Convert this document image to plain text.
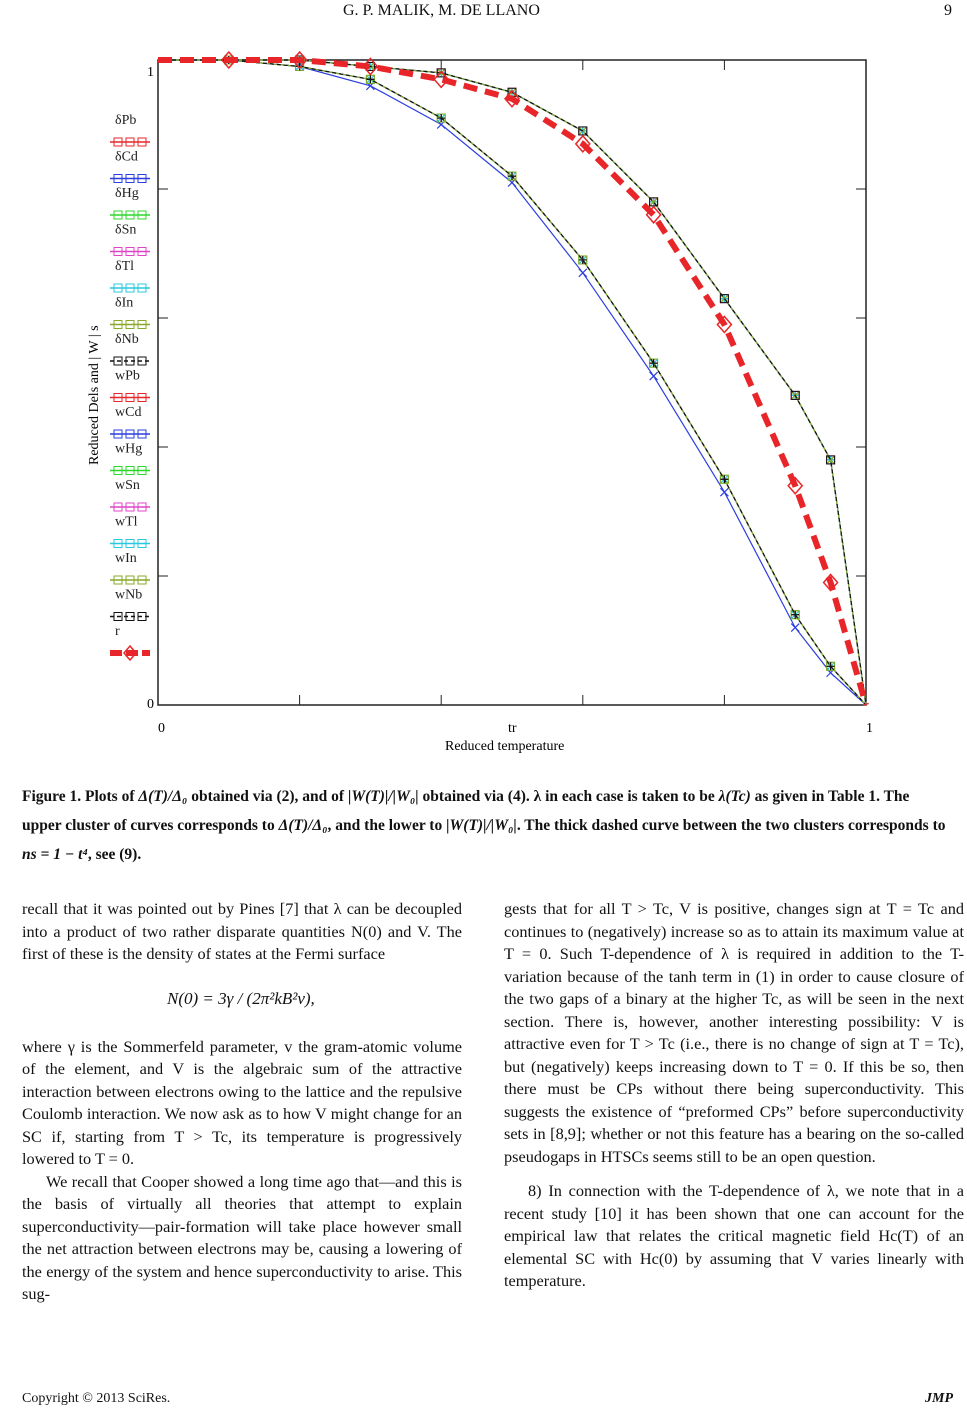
G. P. MALIK, M. DE LLANO	9
δPb
δCd
δHg
δSn
δTl
δIn
δNb
wPb
wCd
wHg
wSn
wTl
wIn
wNb
r
0	1
0
1
tr
Reduced temperature
Reduced Dels and | W | s
Figure 1. Plots of Δ(T)/Δ₀ obtained via (2), and of |W(T)|/|W₀| obtained via (4). λ in each case is taken to be λ(Tc) as given in Table 1. The upper cluster of curves corresponds to Δ(T)/Δ₀, and the lower to |W(T)|/|W₀|. The thick dashed curve between the two clusters corresponds to ns = 1 − t⁴, see (9).

recall that it was pointed out by Pines [7] that λ can be decoupled into a product of two rather disparate quantities N(0) and V. The first of these is the density of states at the Fermi surface

N(0) = 3γ / (2π²kB²v),

where γ is the Sommerfeld parameter, v the gram-atomic volume of the element, and V is the algebraic sum of the attractive interaction between electrons owing to the lattice and the repulsive Coulomb interaction. We now ask as to how V might change for an SC if, starting from T > Tc, its temperature is progressively lowered to T = 0.

We recall that Cooper showed a long time ago that—and this is the basis of virtually all theories that attempt to explain superconductivity—pair-formation will take place however small the net attraction between electrons may be, causing a lowering of the energy of the system and hence superconductivity to arise. This sug-

gests that for all T > Tc, V is positive, changes sign at T = Tc and continues to (negatively) increase so as to attain its maximum value at T = 0. Such T-dependence of λ is required in addition to the T-variation because of the tanh term in (1) in order to cause closure of the two gaps of a binary at the higher Tc, as will be seen in the next section. There is, however, another interesting possibility: V is attractive even for T > Tc (i.e., there is no change of sign at T = Tc), but (negatively) keeps increasing down to T = 0. If this be so, then there must be CPs without there being superconductivity. This suggests the existence of “preformed CPs” before superconductivity sets in [8,9]; whether or not this feature has a bearing on the so-called pseudogaps in HTSCs seems still to be an open question.

8) In connection with the T-dependence of λ, we note that in a recent study [10] it has been shown that one can account for the empirical law that relates the critical magnetic field Hc(T) of an elemental SC with Hc(0) by assuming that V varies linearly with temperature.

Copyright © 2013 SciRes.	JMP
